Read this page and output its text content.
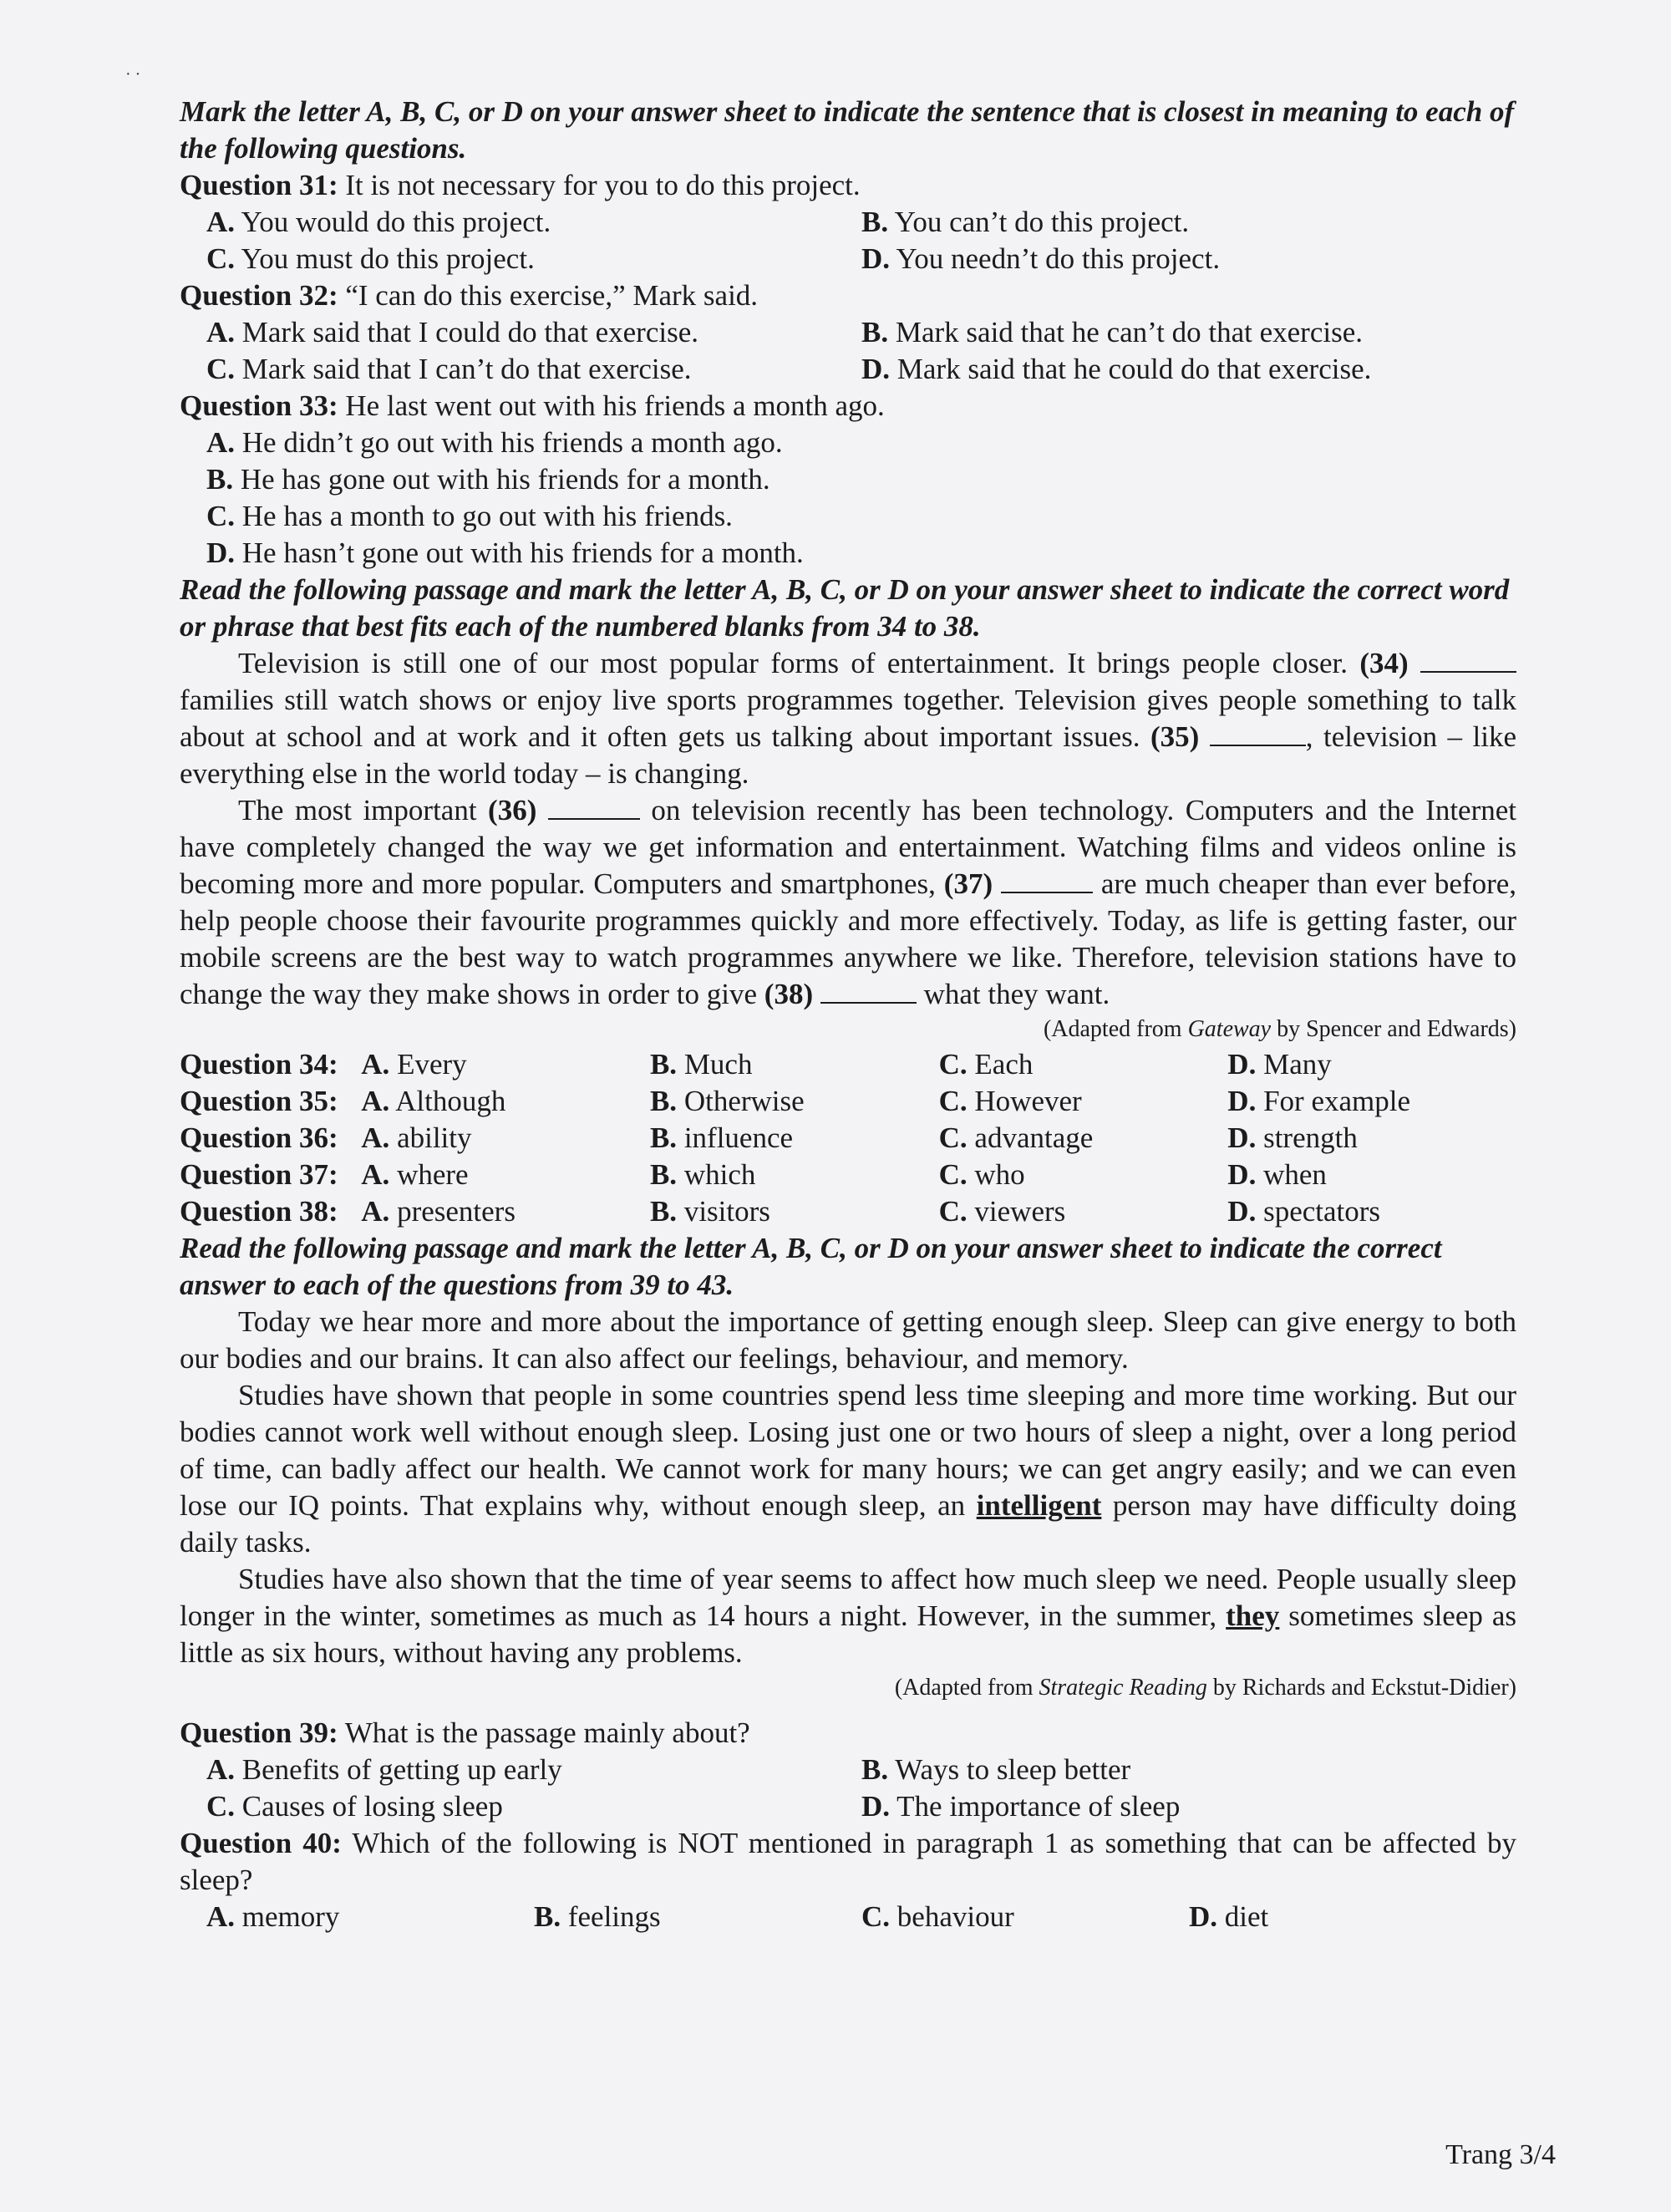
· ·
Mark the letter A, B, C, or D on your answer sheet to indicate the sentence that is closest in meaning to each of the following questions.
Question 31: It is not necessary for you to do this project.
A. You would do this project.	B. You can’t do this project.
C. You must do this project.	D. You needn’t do this project.
Question 32: “I can do this exercise,” Mark said.
A. Mark said that I could do that exercise.	B. Mark said that he can’t do that exercise.
C. Mark said that I can’t do that exercise.	D. Mark said that he could do that exercise.
Question 33: He last went out with his friends a month ago.
A. He didn’t go out with his friends a month ago.
B. He has gone out with his friends for a month.
C. He has a month to go out with his friends.
D. He hasn’t gone out with his friends for a month.
Read the following passage and mark the letter A, B, C, or D on your answer sheet to indicate the correct word or phrase that best fits each of the numbered blanks from 34 to 38.
Television is still one of our most popular forms of entertainment. It brings people closer. (34)  families still watch shows or enjoy live sports programmes together. Television gives people something to talk about at school and at work and it often gets us talking about important issues. (35)	, television – like everything else in the world today – is changing.
The most important (36)	on television recently has been technology. Computers and the Internet have completely changed the way we get information and entertainment. Watching films and videos online is becoming more and more popular. Computers and smartphones, (37)	are much cheaper than ever before, help people choose their favourite programmes quickly and more effectively. Today, as life is getting faster, our mobile screens are the best way to watch programmes anywhere we like. Therefore, television stations have to change the way they make shows in order to give (38)	what they want.
(Adapted from Gateway by Spencer and Edwards)
Question 34: A. Every	B. Much	C. Each	D. Many
Question 35: A. Although	B. Otherwise	C. However	D. For example
Question 36: A. ability	B. influence	C. advantage	D. strength
Question 37: A. where	B. which	C. who	D. when
Question 38: A. presenters	B. visitors	C. viewers	D. spectators
Read the following passage and mark the letter A, B, C, or D on your answer sheet to indicate the correct answer to each of the questions from 39 to 43.
Today we hear more and more about the importance of getting enough sleep. Sleep can give energy to both our bodies and our brains. It can also affect our feelings, behaviour, and memory.
Studies have shown that people in some countries spend less time sleeping and more time working. But our bodies cannot work well without enough sleep. Losing just one or two hours of sleep a night, over a long period of time, can badly affect our health. We cannot work for many hours; we can get angry easily; and we can even lose our IQ points. That explains why, without enough sleep, an intelligent person may have difficulty doing daily tasks.
Studies have also shown that the time of year seems to affect how much sleep we need. People usually sleep longer in the winter, sometimes as much as 14 hours a night. However, in the summer, they sometimes sleep as little as six hours, without having any problems.
(Adapted from Strategic Reading by Richards and Eckstut-Didier)
Question 39: What is the passage mainly about?
A. Benefits of getting up early	B. Ways to sleep better
C. Causes of losing sleep	D. The importance of sleep
Question 40: Which of the following is NOT mentioned in paragraph 1 as something that can be affected by sleep?
A. memory	B. feelings	C. behaviour	D. diet
Trang 3/4
